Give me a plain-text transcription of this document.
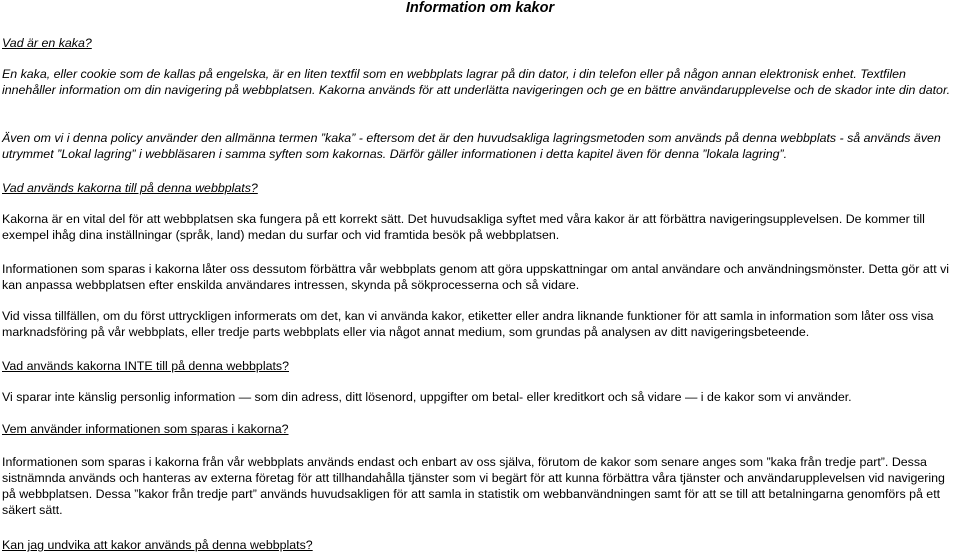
Information om kakor
Vad är en kaka?

En kaka, eller cookie som de kallas på engelska, är en liten textfil som en webbplats lagrar på din dator, i din telefon eller på någon annan elektronisk enhet. Textfilen innehåller information om din navigering på webbplatsen. Kakorna används för att underlätta navigeringen och ge en bättre användarupplevelse och de skador inte din dator.

Även om vi i denna policy använder den allmänna termen ”kaka” - eftersom det är den huvudsakliga lagringsmetoden som används på denna webbplats - så används även utrymmet ”Lokal lagring” i webbläsaren i samma syften som kakornas. Därför gäller informationen i detta kapitel även för denna ”lokala lagring”.

Vad används kakorna till på denna webbplats?

Kakorna är en vital del för att webbplatsen ska fungera på ett korrekt sätt. Det huvudsakliga syftet med våra kakor är att förbättra navigeringsupplevelsen. De kommer till exempel ihåg dina inställningar (språk, land) medan du surfar och vid framtida besök på webbplatsen.

Informationen som sparas i kakorna låter oss dessutom förbättra vår webbplats genom att göra uppskattningar om antal användare och användningsmönster. Detta gör att vi kan anpassa webbplatsen efter enskilda användares intressen, skynda på sökprocesserna och så vidare.

Vid vissa tillfällen, om du först uttryckligen informerats om det, kan vi använda kakor, etiketter eller andra liknande funktioner för att samla in information som låter oss visa marknadsföring på vår webbplats, eller tredje parts webbplats eller via något annat medium, som grundas på analysen av ditt navigeringsbeteende.

Vad används kakorna INTE till på denna webbplats?

Vi sparar inte känslig personlig information — som din adress, ditt lösenord, uppgifter om betal- eller kreditkort och så vidare — i de kakor som vi använder.

Vem använder informationen som sparas i kakorna?

Informationen som sparas i kakorna från vår webbplats används endast och enbart av oss själva, förutom de kakor som senare anges som ”kaka från tredje part”. Dessa sistnämnda används och hanteras av externa företag för att tillhandahålla tjänster som vi begärt för att kunna förbättra våra tjänster och användarupplevelsen vid navigering på webbplatsen. Dessa ”kakor från tredje part” används huvudsakligen för att samla in statistik om webbanvändningen samt för att se till att betalningarna genomförs på ett säkert sätt.

Kan jag undvika att kakor används på denna webbplats?
